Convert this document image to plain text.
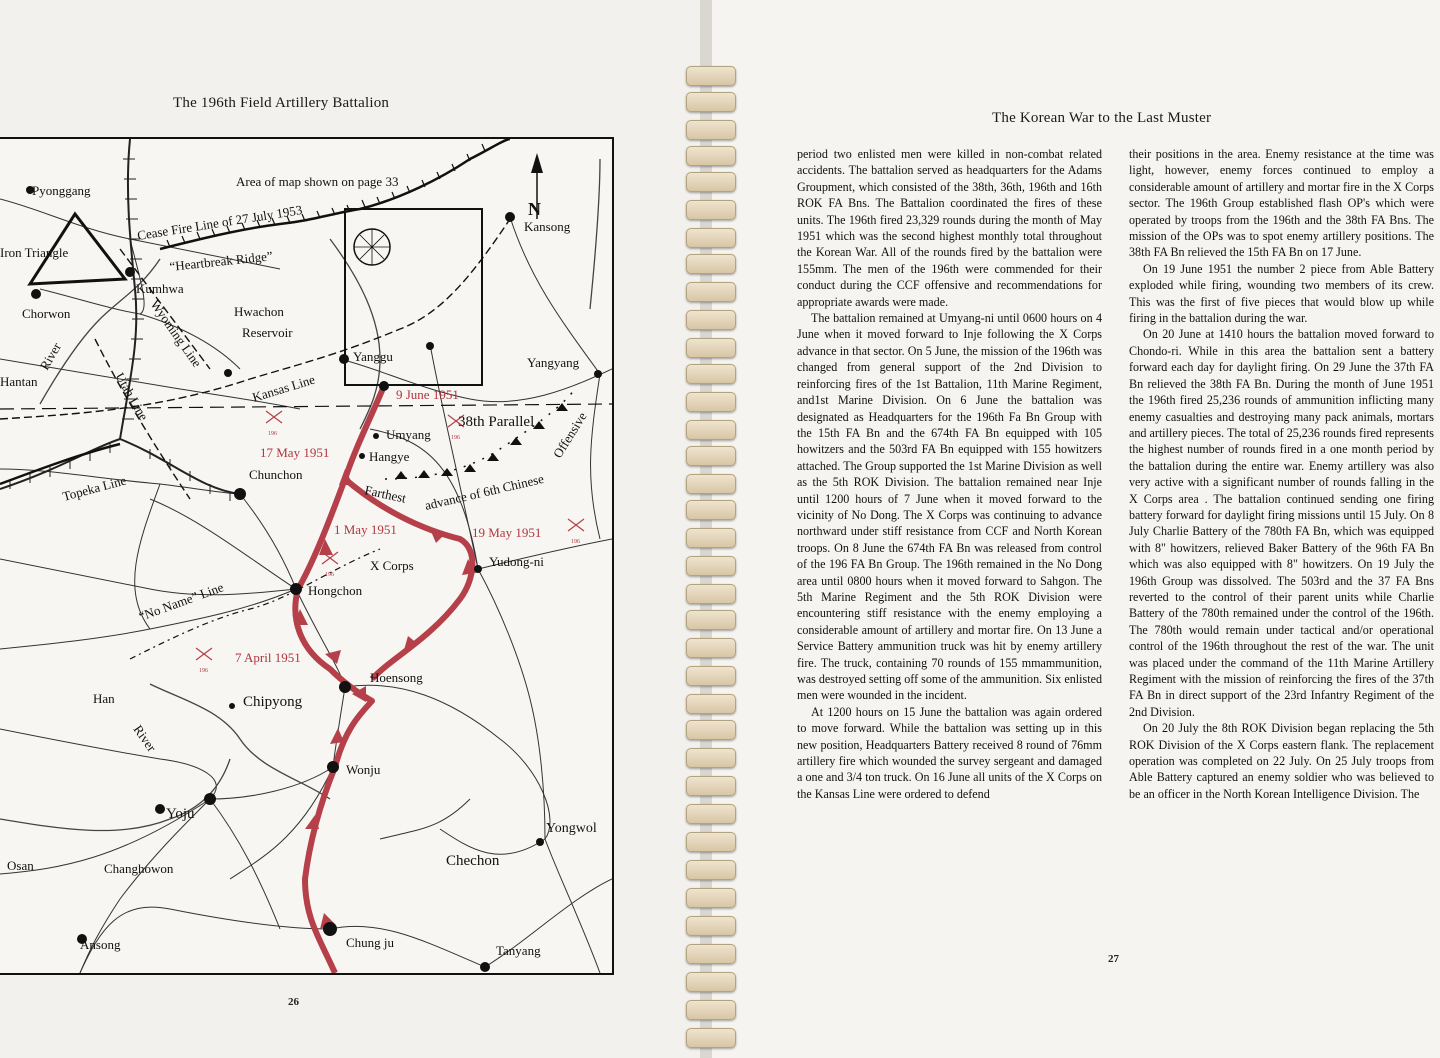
The 196th Field Artillery Battalion
N
196
196
196
196
196
Pyonggang
Iron Triangle
Chorwon
Kumhwa
Hantan
Kansong
Yanggu	Yangyang
Hwachon
Reservoir
Umyang
Hangye
Chunchon
Yudong-ni
Hongchon
X Corps
Hoensong
Chipyong
Han
River
Wonju
Yoju
Yongwol
Osan	Changhowon	Chechon
Ansong	Chung ju
Tanyang
Area of map shown on page 33
Cease Fire Line of 27 July 1953
“Heartbreak Ridge”
Wyoming Line
Utah Line	Kansas Line
River
38th Parallel Offensive
Farthest advance of 6th Chinese
Topeka Line
“No Name” Line
9 June 1951
17 May 1951
1 May 1951	19 May 1951
7 April 1951
26
The Korean War to the Last Muster

period two enlisted men were killed in non-combat related accidents. The battalion served as headquarters for the Adams Groupment, which consisted of the 38th, 36th, 196th and 16th ROK FA Bns. The Battalion coordinated the fires of these units. The 196th fired 23,329 rounds during the month of May 1951 which was the second highest monthly total throughout the Korean War. All of the rounds fired by the battalion were 155mm. The men of the 196th were commended for their conduct during the CCF offensive and recommendations for appropriate awards were made.

The battalion remained at Umyang-ni until 0600 hours on 4 June when it moved forward to Inje following the X Corps advance in that sector. On 5 June, the mission of the 196th was changed from general support of the 2nd Division to reinforcing fires of the 1st Battalion, 11th Marine Regiment, and1st Marine Division. On 6 June the battalion was designated as Headquarters for the 196th Fa Bn Group with the 15th FA Bn and the 674th FA Bn equipped with 105 howitzers and the 503rd FA Bn equipped with 155 howitzers attached. The Group supported the 1st Marine Division as well as the 5th ROK Division. The battalion remained near Inje until 1200 hours of 7 June when it moved forward to the vicinity of No Dong. The X Corps was continuing to advance northward under stiff resistance from CCF and North Korean troops. On 8 June the 674th FA Bn was released from control of the 196 FA Bn Group. The 196th remained in the No Dong area until 0800 hours when it moved forward to Sahgon. The 5th Marine Regiment and the 5th ROK Division were encountering stiff resistance with the enemy employing a considerable amount of artillery and mortar fire. On 13 June a Service Battery ammunition truck was hit by enemy artillery fire. The truck, containing 70 rounds of 155 mmammunition, was destroyed setting off some of the ammunition. Six enlisted men were wounded in the incident.

At 1200 hours on 15 June the battalion was again ordered to move forward. While the battalion was setting up in this new position, Headquarters Battery received 8 round of 76mm artillery fire which wounded the survey sergeant and damaged a one and 3/4 ton truck. On 16 June all units of the X Corps on the Kansas Line were ordered to defend

their positions in the area. Enemy resistance at the time was light, however, enemy forces continued to employ a considerable amount of artillery and mortar fire in the X Corps sector. The 196th Group established flash OP's which were operated by troops from the 196th and the 38th FA Bns. The mission of the OPs was to spot enemy artillery positions. The 38th FA Bn relieved the 15th FA Bn on 17 June.

On 19 June 1951 the number 2 piece from Able Battery exploded while firing, wounding two members of its crew. This was the first of five pieces that would blow up while firing in the battalion during the war.

On 20 June at 1410 hours the battalion moved forward to Chondo-ri. While in this area the battalion sent a battery forward each day for daylight firing. On 29 June the 37th FA Bn relieved the 38th FA Bn. During the month of June 1951 the 196th fired 25,236 rounds of ammunition inflicting many enemy casualties and destroying many pack animals, mortars and artillery pieces. The total of 25,236 rounds fired represents the highest number of rounds fired in a one month period by the battalion during the entire war. Enemy artillery was also very active with a significant number of rounds falling in the X Corps area . The battalion continued sending one firing battery forward for daylight firing missions until 15 July. On 8 July Charlie Battery of the 780th FA Bn, which was equipped with 8" howitzers, relieved Baker Battery of the 96th FA Bn which was also equipped with 8" howitzers. On 19 July the 196th Group was dissolved. The 503rd and the 37 FA Bns reverted to the control of their parent units while Charlie Battery of the 780th remained under the control of the 196th. The 780th would remain under tactical and/or operational control of the 196th throughout the rest of the war. The unit was placed under the command of the 11th Marine Artillery Regiment with the mission of reinforcing the fires of the 37th FA Bn in direct support of the 23rd Infantry Regiment of the 2nd Division.

On 20 July the 8th ROK Division began replacing the 5th ROK Division of the X Corps eastern flank. The replacement operation was completed on 22 July. On 25 July troops from Able Battery captured an enemy soldier who was believed to be an officer in the North Korean Intelligence Division. The

27
